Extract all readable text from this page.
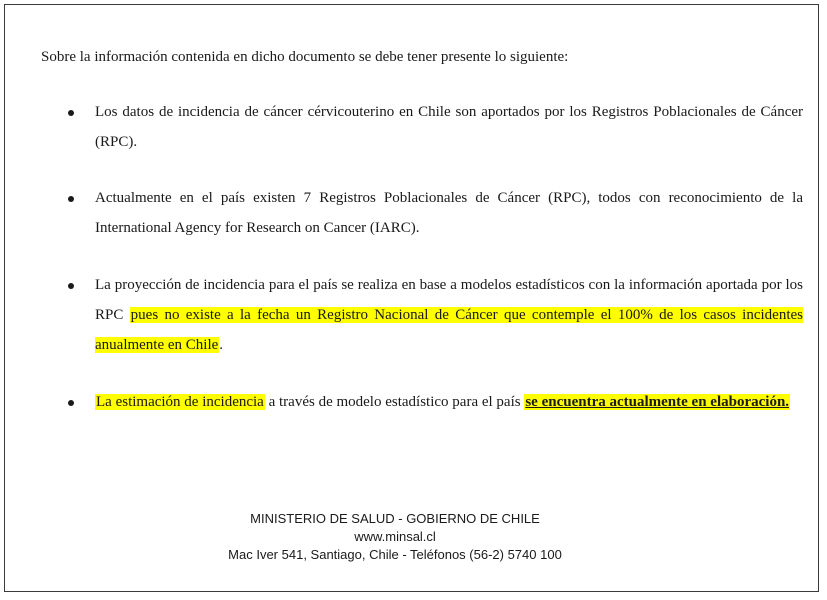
Sobre la información contenida en dicho documento se debe tener presente lo siguiente:
Los datos de incidencia de cáncer cérvicouterino en Chile son aportados por los Registros Poblacionales de Cáncer (RPC).
Actualmente en el país existen 7 Registros Poblacionales de Cáncer (RPC), todos con reconocimiento de la International Agency for Research on Cancer (IARC).
La proyección de incidencia para el país se realiza en base a modelos estadísticos con la información aportada por los RPC pues no existe a la fecha un Registro Nacional de Cáncer que contemple el 100% de los casos incidentes anualmente en Chile.
La estimación de incidencia a través de modelo estadístico para el país se encuentra actualmente en elaboración.
MINISTERIO DE SALUD - GOBIERNO DE CHILE
www.minsal.cl
Mac Iver 541, Santiago, Chile - Teléfonos (56-2) 5740 100
